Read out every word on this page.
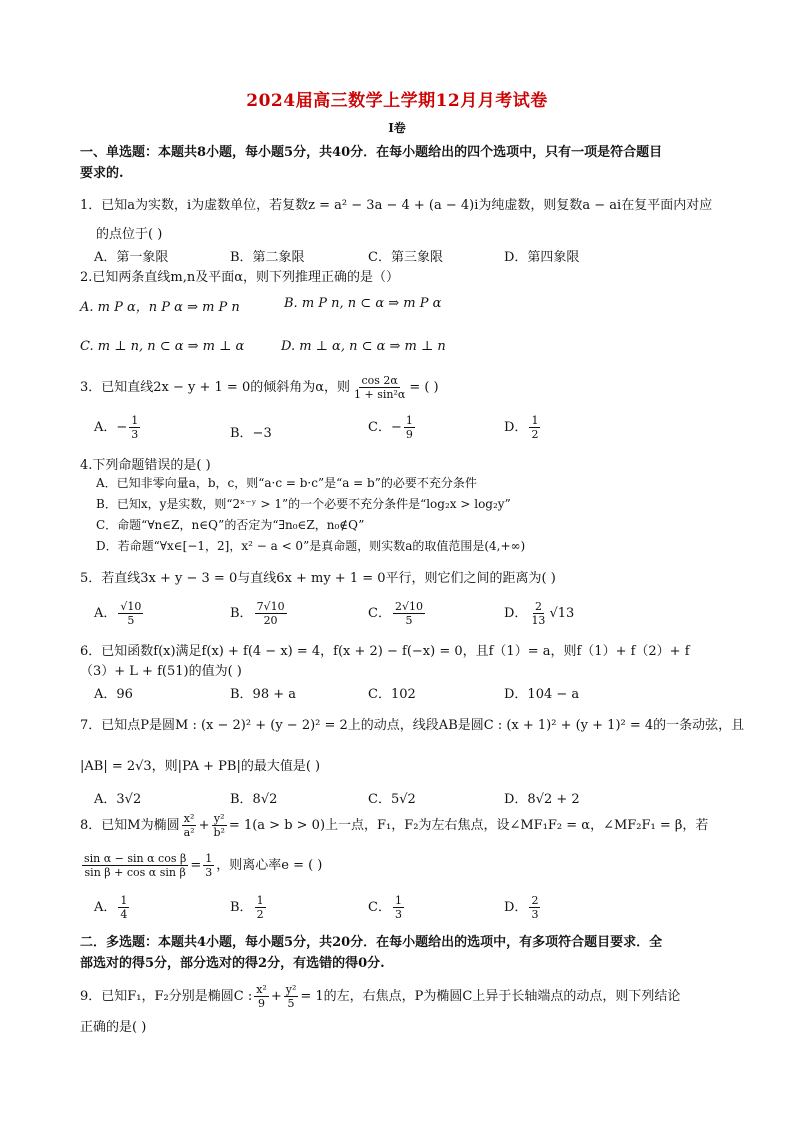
2024届高三数学上学期12月月考试卷
I卷
一、单选题：本题共8小题，每小题5分，共40分．在每小题给出的四个选项中，只有一项是符合题目
要求的.
1．已知a为实数，i为虚数单位，若复数z = a² − 3a − 4 + (a − 4)i为纯虚数，则复数a − ai在复平面内对应
的点位于( )
A．第一象限	B．第二象限	C．第三象限	D．第四象限
2.已知两条直线m,n及平面α，则下列推理正确的是（）
A. m P α，n P α ⇒ m P n	B. m P n, n ⊂ α ⇒ m P α
C. m ⊥ n, n ⊂ α ⇒ m ⊥ α	D. m ⊥ α, n ⊂ α ⇒ m ⊥ n
3．已知直线2x − y + 1 = 0的倾斜角为α，则 $\frac{\cos 2\alpha}{\text{1 + sin²α}}$ = ( )
A．− $\frac{1}{3}$	B．−3	C．− $\frac{1}{9}$	D． $\frac{1}{2}$
4.下列命题错误的是( )
A．已知非零向量a，b，c，则“a·c = b·c”是“a = b”的必要不充分条件
B．已知x，y是实数，则“2ˣ⁻ʸ > 1”的一个必要不充分条件是“log₂x > log₂y”
C．命题“∀n∈Z，n∈Q”的否定为“∃n₀∈Z，n₀∉Q”
D．若命题“∀x∈[−1，2]，x² − a < 0”是真命题，则实数a的取值范围是(4,+∞)
5．若直线3x + y − 3 = 0与直线6x + my + 1 = 0平行，则它们之间的距离为( )
A． $\frac{√10}{5}$	B． $\frac{7√10}{20}$	C． $\frac{2√10}{5}$	D． $\frac{2}{13} √13$
6．已知函数f(x)满足f(x) + f(4 − x) = 4，f(x + 2) − f(−x) = 0，且f（1）= a，则f（1）+ f（2）+ f
（3）+ L + f(51)的值为( )
A．96	B．98 + a	C．102	D．104 − a
7．已知点P是圆M : (x − 2)² + (y − 2)² = 2上的动点，线段AB是圆C : (x + 1)² + (y + 1)² = 4的一条动弦，且
|AB| = 2√3，则|PA + PB|的最大值是( )
A．3√2	B．8√2	C．5√2	D．8√2 + 2
8．已知M为椭圆 $\frac{\text{x²}}{\text{a²}} + \frac{\text{y²}}{\text{b²}} = 1(a > b > 0)$上一点，F₁，F₂为左右焦点，设∠MF₁F₂ = α，∠MF₂F₁ = β，若
$\frac{\text{sin α − sin α cos β}}{\text{sin β + cos α sin β}} = \frac{1}{3}$ ，则离心率e = ( )
A． $\frac{1}{4}$	B． $\frac{1}{2}$	C． $\frac{1}{3}$	D． $\frac{2}{3}$
二．多选题：本题共4小题，每小题5分，共20分．在每小题给出的选项中，有多项符合题目要求．全
部选对的得5分，部分选对的得2分，有选错的得0分.
9．已知F₁，F₂分别是椭圆C : $\frac{\text{x²}}{9} + \frac{\text{y²}}{5} = 1$的左，右焦点，P为椭圆C上异于长轴端点的动点，则下列结论
正确的是( )
